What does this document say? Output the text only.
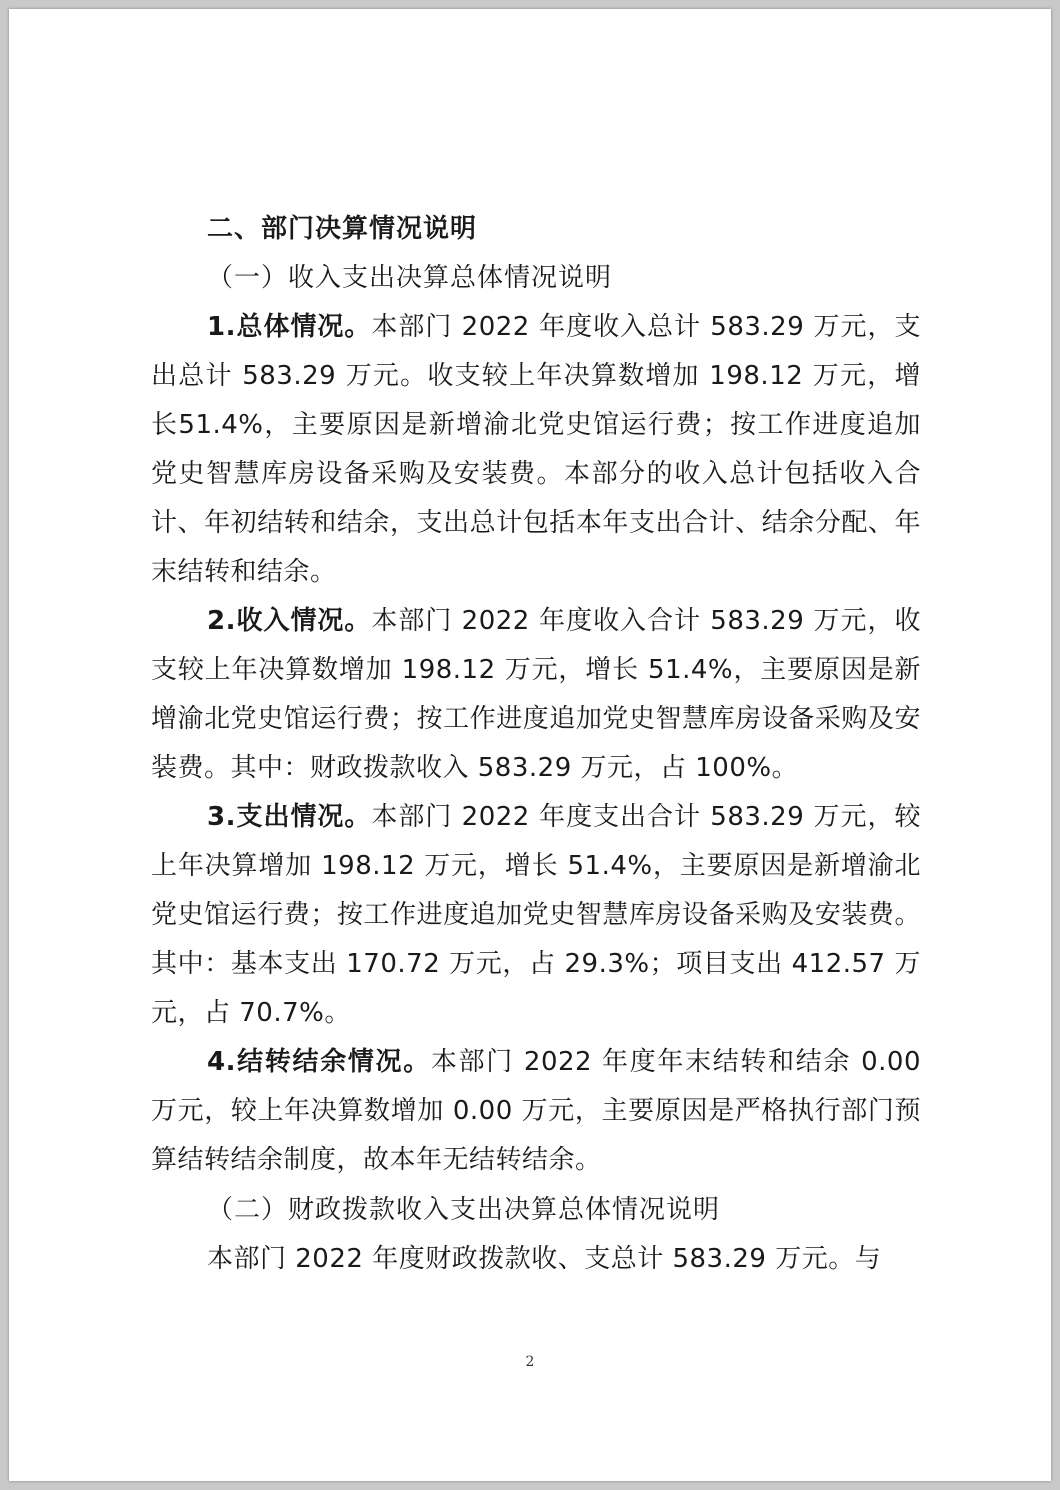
二、部门决算情况说明

（一）收入支出决算总体情况说明

1.总体情况。本部门 2022 年度收入总计 583.29 万元，支出总计 583.29 万元。收支较上年决算数增加 198.12 万元，增长51.4%，主要原因是新增渝北党史馆运行费；按工作进度追加党史智慧库房设备采购及安装费。本部分的收入总计包括收入合计、年初结转和结余，支出总计包括本年支出合计、结余分配、年末结转和结余。

2.收入情况。本部门 2022 年度收入合计 583.29 万元，收支较上年决算数增加 198.12 万元，增长 51.4%，主要原因是新增渝北党史馆运行费；按工作进度追加党史智慧库房设备采购及安装费。其中：财政拨款收入 583.29 万元，占 100%。

3.支出情况。本部门 2022 年度支出合计 583.29 万元，较上年决算增加 198.12 万元，增长 51.4%，主要原因是新增渝北党史馆运行费；按工作进度追加党史智慧库房设备采购及安装费。其中：基本支出 170.72 万元，占 29.3%；项目支出 412.57 万元，占 70.7%。

4.结转结余情况。本部门 2022 年度年末结转和结余 0.00 万元，较上年决算数增加 0.00 万元，主要原因是严格执行部门预算结转结余制度，故本年无结转结余。

（二）财政拨款收入支出决算总体情况说明

本部门 2022 年度财政拨款收、支总计 583.29 万元。与

2
